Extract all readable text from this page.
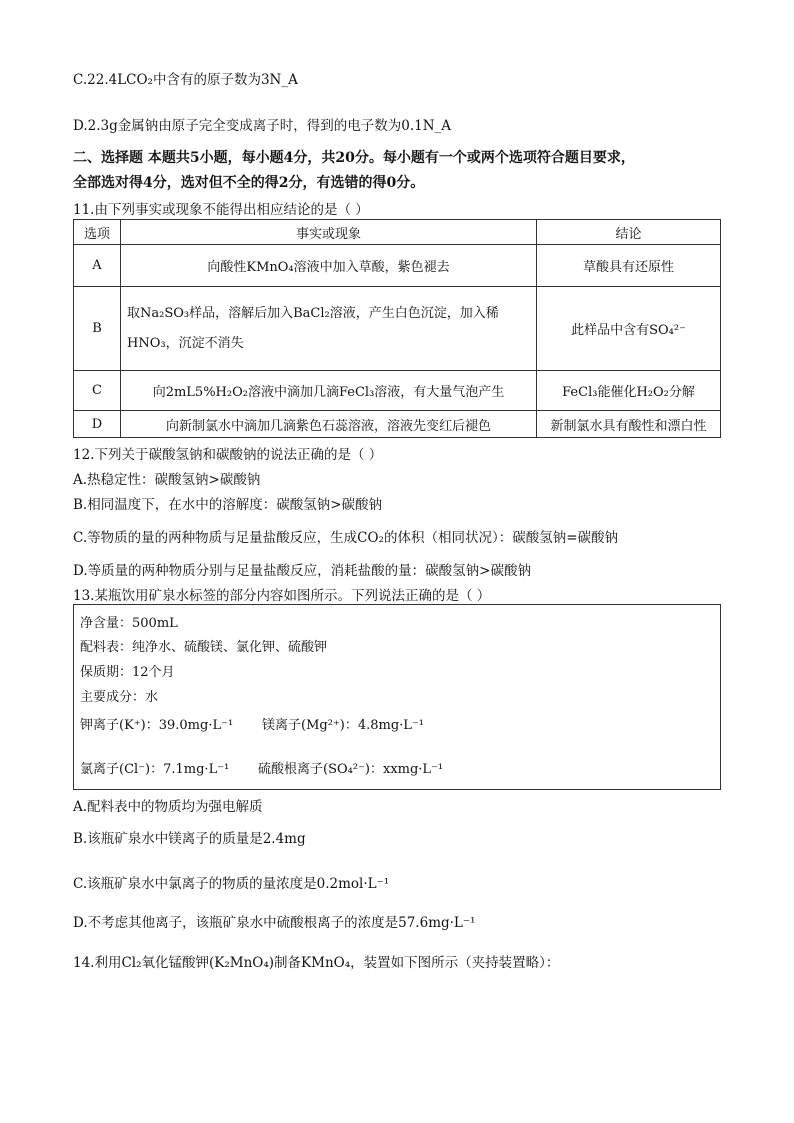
C.22.4LCO₂中含有的原子数为3N_A
D.2.3g金属钠由原子完全变成离子时，得到的电子数为0.1N_A
二、选择题 本题共5小题，每小题4分，共20分。每小题有一个或两个选项符合题目要求，
全部选对得4分，选对但不全的得2分，有选错的得0分。
11.由下列事实或现象不能得出相应结论的是（ ）
选项	事实或现象	结论
A	向酸性KMnO₄溶液中加入草酸，紫色褪去	草酸具有还原性
B	取Na₂SO₃样品，溶解后加入BaCl₂溶液，产生白色沉淀，加入稀
HNO₃，沉淀不消失	此样品中含有SO₄²⁻
C	向2mL5%H₂O₂溶液中滴加几滴FeCl₃溶液，有大量气泡产生	FeCl₃能催化H₂O₂分解
D	向新制氯水中滴加几滴紫色石蕊溶液，溶液先变红后褪色	新制氯水具有酸性和漂白性
12.下列关于碳酸氢钠和碳酸钠的说法正确的是（ ）
A.热稳定性：碳酸氢钠>碳酸钠
B.相同温度下，在水中的溶解度：碳酸氢钠>碳酸钠
C.等物质的量的两种物质与足量盐酸反应，生成CO₂的体积（相同状况）：碳酸氢钠=碳酸钠
D.等质量的两种物质分别与足量盐酸反应，消耗盐酸的量：碳酸氢钠>碳酸钠
13.某瓶饮用矿泉水标签的部分内容如图所示。下列说法正确的是（ ）
净含量：500mL
配料表：纯净水、硫酸镁、氯化钾、硫酸钾
保质期：12个月
主要成分：水
钾离子(K⁺)：39.0mg·L⁻¹ 镁离子(Mg²⁺)：4.8mg·L⁻¹
氯离子(Cl⁻)：7.1mg·L⁻¹ 硫酸根离子(SO₄²⁻)：xxmg·L⁻¹
A.配料表中的物质均为强电解质
B.该瓶矿泉水中镁离子的质量是2.4mg
C.该瓶矿泉水中氯离子的物质的量浓度是0.2mol·L⁻¹
D.不考虑其他离子，该瓶矿泉水中硫酸根离子的浓度是57.6mg·L⁻¹
14.利用Cl₂氧化锰酸钾(K₂MnO₄)制备KMnO₄，装置如下图所示（夹持装置略）：
